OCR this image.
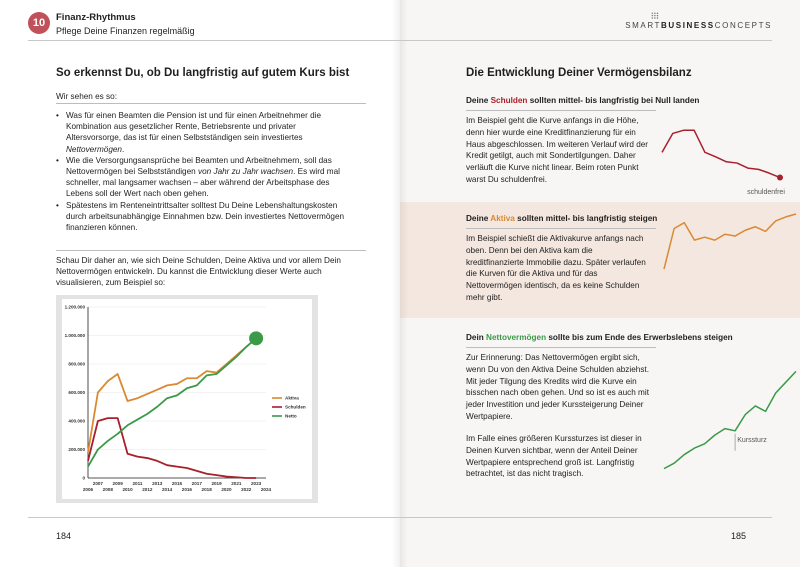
10	Finanz-Rhythmus
Pflege Deine Finanzen regelmäßig
So erkennst Du, ob Du langfristig auf gutem Kurs bist
Wir sehen es so:
• Was für einen Beamten die Pension ist und für einen Arbeitnehmer die Kombination aus gesetzlicher Rente, Betriebsrente und privater Altersvorsorge, das ist für einen Selbstständigen sein investiertes Nettovermögen.
• Wie die Versorgungsansprüche bei Beamten und Arbeitnehmern, soll das Nettovermögen bei Selbstständigen von Jahr zu Jahr wachsen. Es wird mal schneller, mal langsamer wachsen – aber während der Arbeitsphase des Lebens soll der Wert nach oben gehen.
• Spätestens im Renteneintrittsalter solltest Du Deine Lebenshaltungskosten durch arbeitsunabhängige Einnahmen bzw. Dein investiertes Nettovermögen finanzieren können.
Schau Dir daher an, wie sich Deine Schulden, Deine Aktiva und vor allem Dein Nettovermögen entwickeln. Du kannst die Entwicklung dieser Werte auch visualisieren, zum Beispiel so:
0
200.000
400.000
600.000
800.000
1.000.000
1.200.000
2007 2009 2011 2013 2015 2017 2019 2021 2023
2006 2008 2010 2012 2014 2016 2018 2020 2022 2024
Aktiva
Schulden
Netto
184
SMARTBUSINESSCONCEPTS
Die Entwicklung Deiner Vermögensbilanz
Deine Schulden sollten mittel- bis langfristig bei Null landen
Im Beispiel geht die Kurve anfangs in die Höhe, denn hier wurde eine Kreditfinanzierung für ein Haus abgeschlossen. Im weiteren Verlauf wird der Kredit getilgt, auch mit Sondertilgungen. Daher verläuft die Kurve nicht linear. Beim roten Punkt warst Du schuldenfrei.
Deine Aktiva sollten mittel- bis langfristig steigen
Im Beispiel schießt die Aktivakurve anfangs nach oben. Denn bei den Aktiva kam die kreditfinanzierte Immobilie dazu. Später verlaufen die Kurven für die Aktiva und für das Nettovermögen identisch, da es keine Schulden mehr gibt.
Dein Nettovermögen sollte bis zum Ende des Erwerbslebens steigen
Zur Erinnerung: Das Nettovermögen ergibt sich, wenn Du von den Aktiva Deine Schulden abziehst. Mit jeder Tilgung des Kredits wird die Kurve ein bisschen nach oben gehen. Und so ist es auch mit jeder Investition und jeder Kurssteigerung Deiner Wertpapiere.
Im Falle eines größeren Kurssturzes ist dieser in Deinen Kurven sichtbar, wenn der Anteil Deiner Wertpapiere entsprechend groß ist. Langfristig betrachtet, ist das nicht tragisch.
schuldenfrei
Kurssturz
185
